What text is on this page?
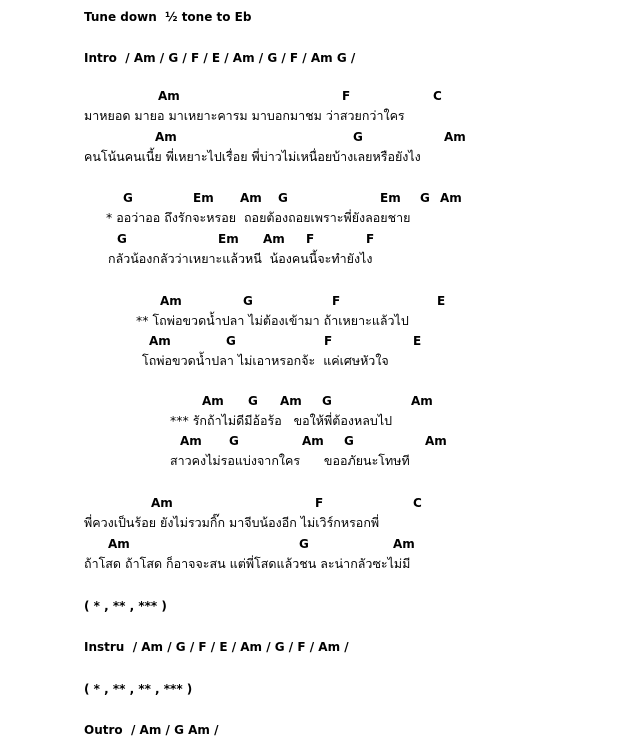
Tune down  ½ tone to Eb
Intro  / Am / G / F / E / Am / G / F / Am G /
Am	F	C
มาหยอด มายอ มาเหยาะคารม มาบอกมาชม ว่าสวยกว่าใคร
Am	G	Am
คนโน้นคนเนี้ย พี่เหยาะไปเรื่อย พี่บ่าวไม่เหนื่อยบ้างเลยหรือยังไง
G	Em Am G	Em G Am
* ออว่าออ ถึงรักจะหรอย  ถอยต้องถอยเพราะพี่ยังลอยชาย
G	Em Am F	F
กลัวน้องกลัวว่าเหยาะแล้วหนี  น้องคนนี้จะทำยังไง
Am	G	F	E
** โถพ่อขวดน้ำปลา ไม่ต้องเข้ามา ถ้าเหยาะแล้วไป
Am	G	F	E
โถพ่อขวดน้ำปลา ไม่เอาหรอกจ้ะ  แค่เศษหัวใจ
Am G Am G	Am
*** รักถ้าไม่ดีมีอ้อร้อ   ขอให้พี่ต้องหลบไป
Am G	Am G	Am
สาวคงไม่รอแบ่งจากใคร      ขออภัยนะโทษที
Am	F	C
พี่ควงเป็นร้อย ยังไม่รวมกิ๊ก มาจีบน้องอีก ไม่เวิร์กหรอกพี่
Am	G	Am
ถ้าโสด ถ้าโสด ก็อาจจะสน แต่พี่โสดแล้วชน ละน่ากลัวซะไม่มี
( * , ** , *** )
Instru  / Am / G / F / E / Am / G / F / Am /
( * , ** , ** , *** )
Outro  / Am / G Am /
